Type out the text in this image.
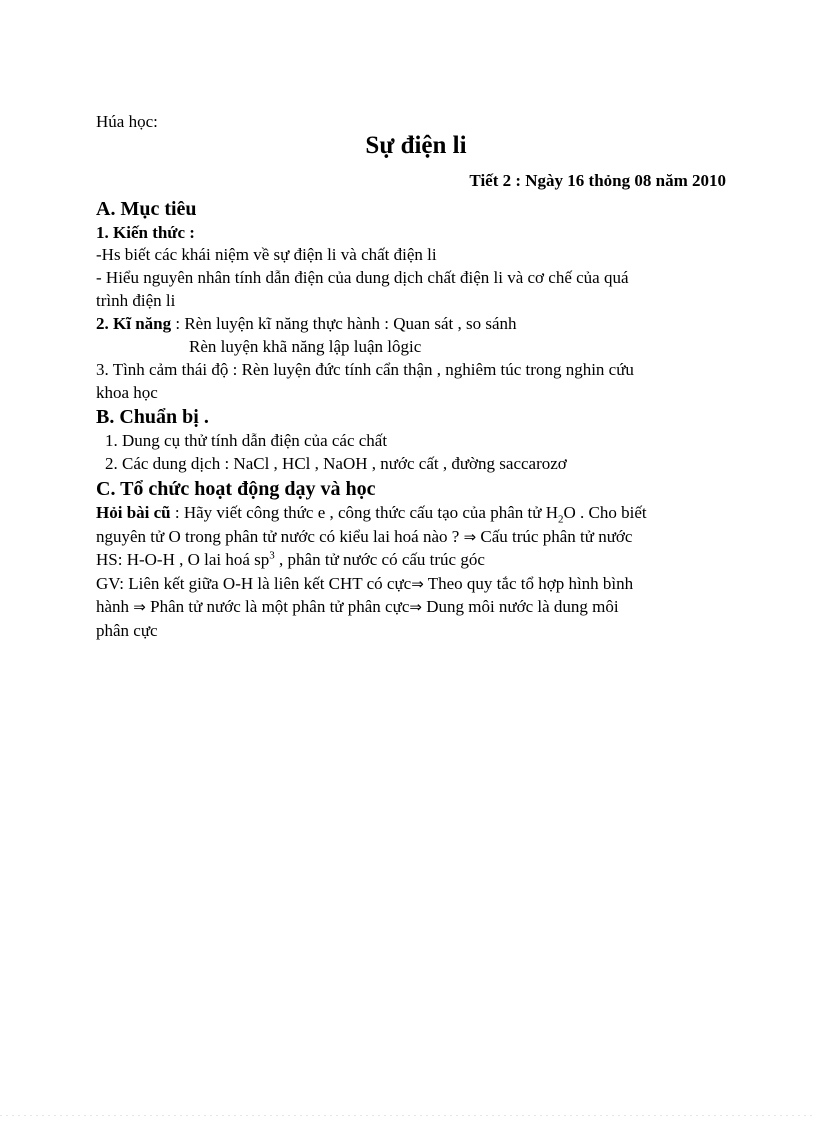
Húa học:
Sự điện li
Tiết 2 : Ngày 16 thỏng 08 năm 2010
A. Mục tiêu
1. Kiến thức :
-Hs biết các khái niệm về sự điện li và chất điện li
- Hiểu nguyên nhân tính dẫn điện của dung dịch chất điện li và cơ chế của quá
trình điện li
2. Kĩ năng : Rèn luyện kĩ năng thực hành : Quan sát , so sánh
Rèn luyện khã năng lập luận lôgic
3. Tình cảm thái độ : Rèn luyện đức tính cẩn thận , nghiêm túc trong nghin cứu
khoa học
B. Chuẩn bị .
1. Dung cụ thử tính dẫn điện của các chất
2. Các dung dịch : NaCl , HCl , NaOH , nước cất , đường saccarozơ
C. Tổ chức hoạt động dạy và học
Hỏi bài cũ : Hãy viết công thức e , công thức cấu tạo của phân tử $H_2O$ . Cho biết
nguyên tử O trong phân tử nước có kiểu lai hoá nào ? ⇒ Cấu trúc phân tử nước
HS: H-O-H , O lai hoá $sp^3$ , phân tử nước có cấu trúc góc
GV: Liên kết giữa O-H là liên kết CHT có cực⇒ Theo quy tắc tổ hợp hình bình
hành ⇒ Phân tử nước là một phân tử phân cực⇒ Dung môi nước là dung môi
phân cực
